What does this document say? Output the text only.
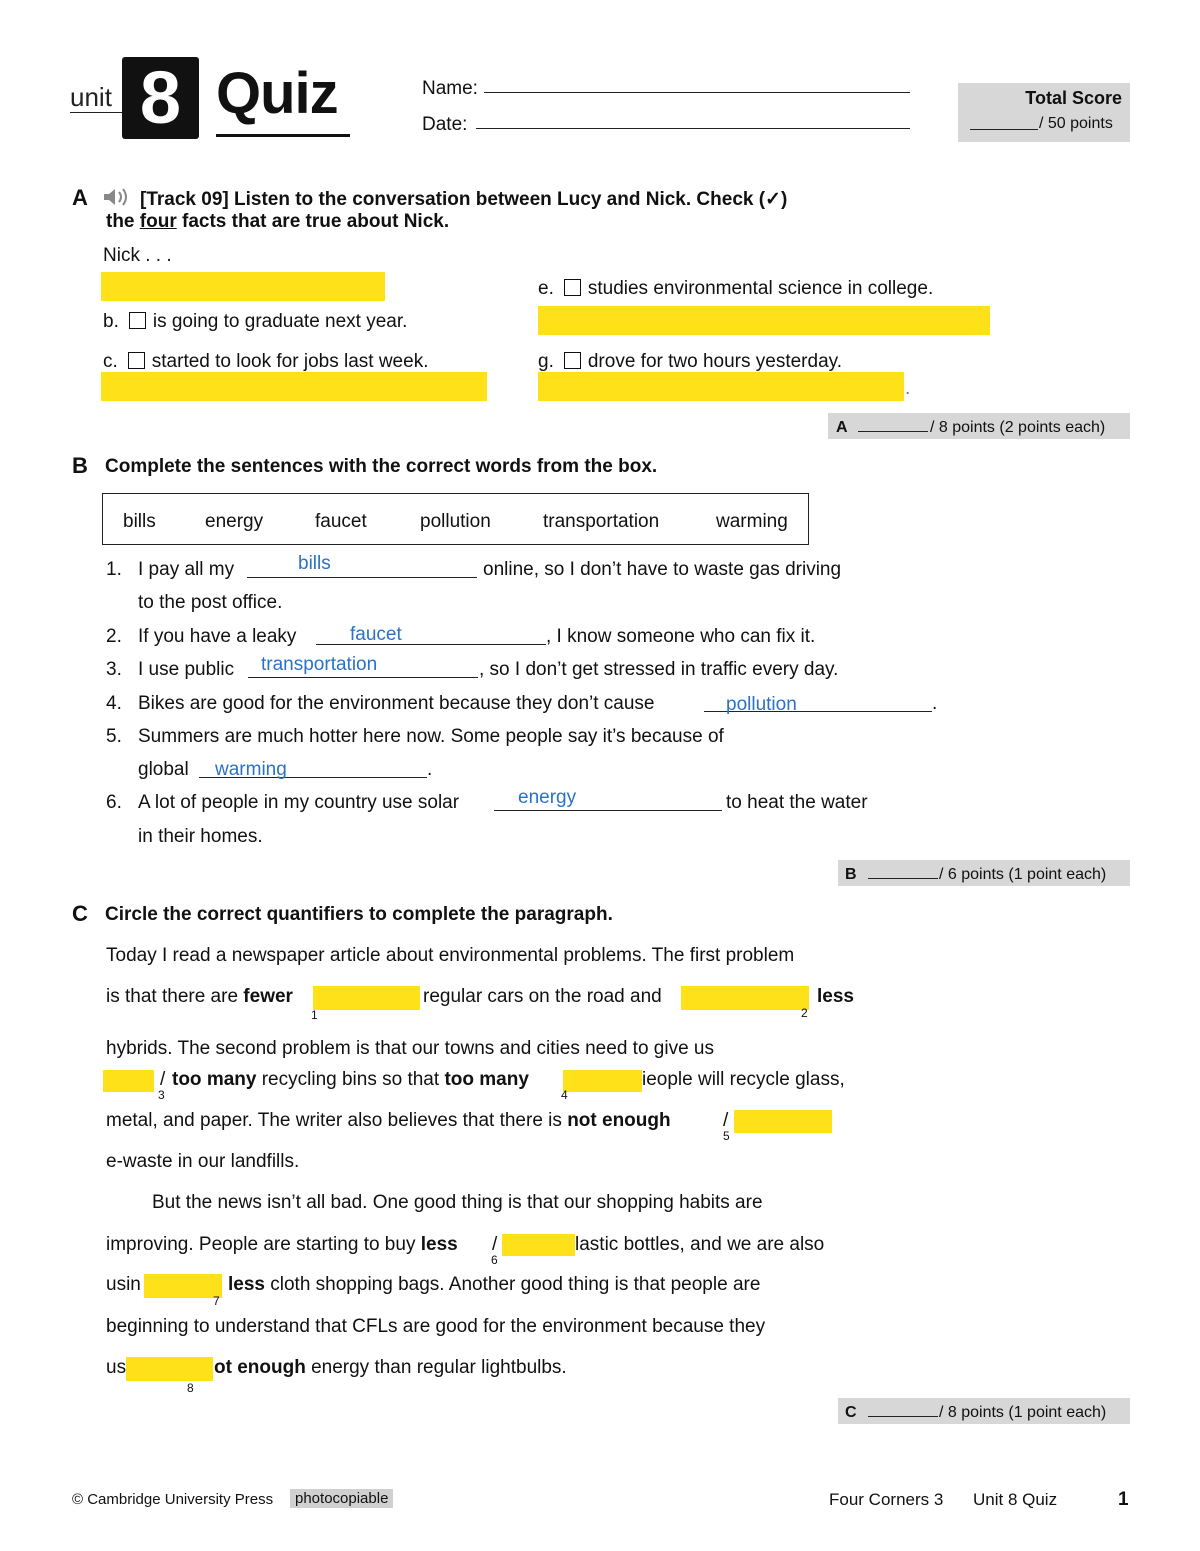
unit 8 Quiz	Name:
Date:
Total Score
/ 50 points
A	[Track 09] Listen to the conversation between Lucy and Nick. Check (✓)
the four facts that are true about Nick.
Nick . . .
e. studies environmental science in college.
b. is going to graduate next year.
c. started to look for jobs last week.	g. drove for two hours yesterday.
.
A	/ 8 points (2 points each)
B Complete the sentences with the correct words from the box.
bills	energy	faucet	pollution	transportation	warming
1. I pay all my	bills	online, so I don’t have to waste gas driving
to the post office.
2. If you have a leaky	faucet	, I know someone who can fix it.
3. I use public transportation	, so I don’t get stressed in traffic every day.
4. Bikes are good for the environment because they don’t cause	pollution	.
5. Summers are much hotter here now. Some people say it’s because of
global warming	.
6. A lot of people in my country use solar	energy	to heat the water
in their homes.
B	/ 6 points (1 point each)
C Circle the correct quantifiers to complete the paragraph.
Today I read a newspaper article about environmental problems. The first problem
is that there are fewer
1
regular cars on the road and
2
less
hybrids. The second problem is that our towns and cities need to give us
/
3
too many recycling bins so that too many
4
ieople will recycle glass,
metal, and paper. The writer also believes that there is not enough	/
5
e-waste in our landfills.
But the news isn’t all bad. One good thing is that our shopping habits are
improving. People are starting to buy less /
6
lastic bottles, and we are also
usin
7
less cloth shopping bags. Another good thing is that people are
beginning to understand that CFLs are good for the environment because they
us
8
ot enough energy than regular lightbulbs.
C	/ 8 points (1 point each)
© Cambridge University Press	photocopiable	Four Corners 3 Unit 8 Quiz	1
